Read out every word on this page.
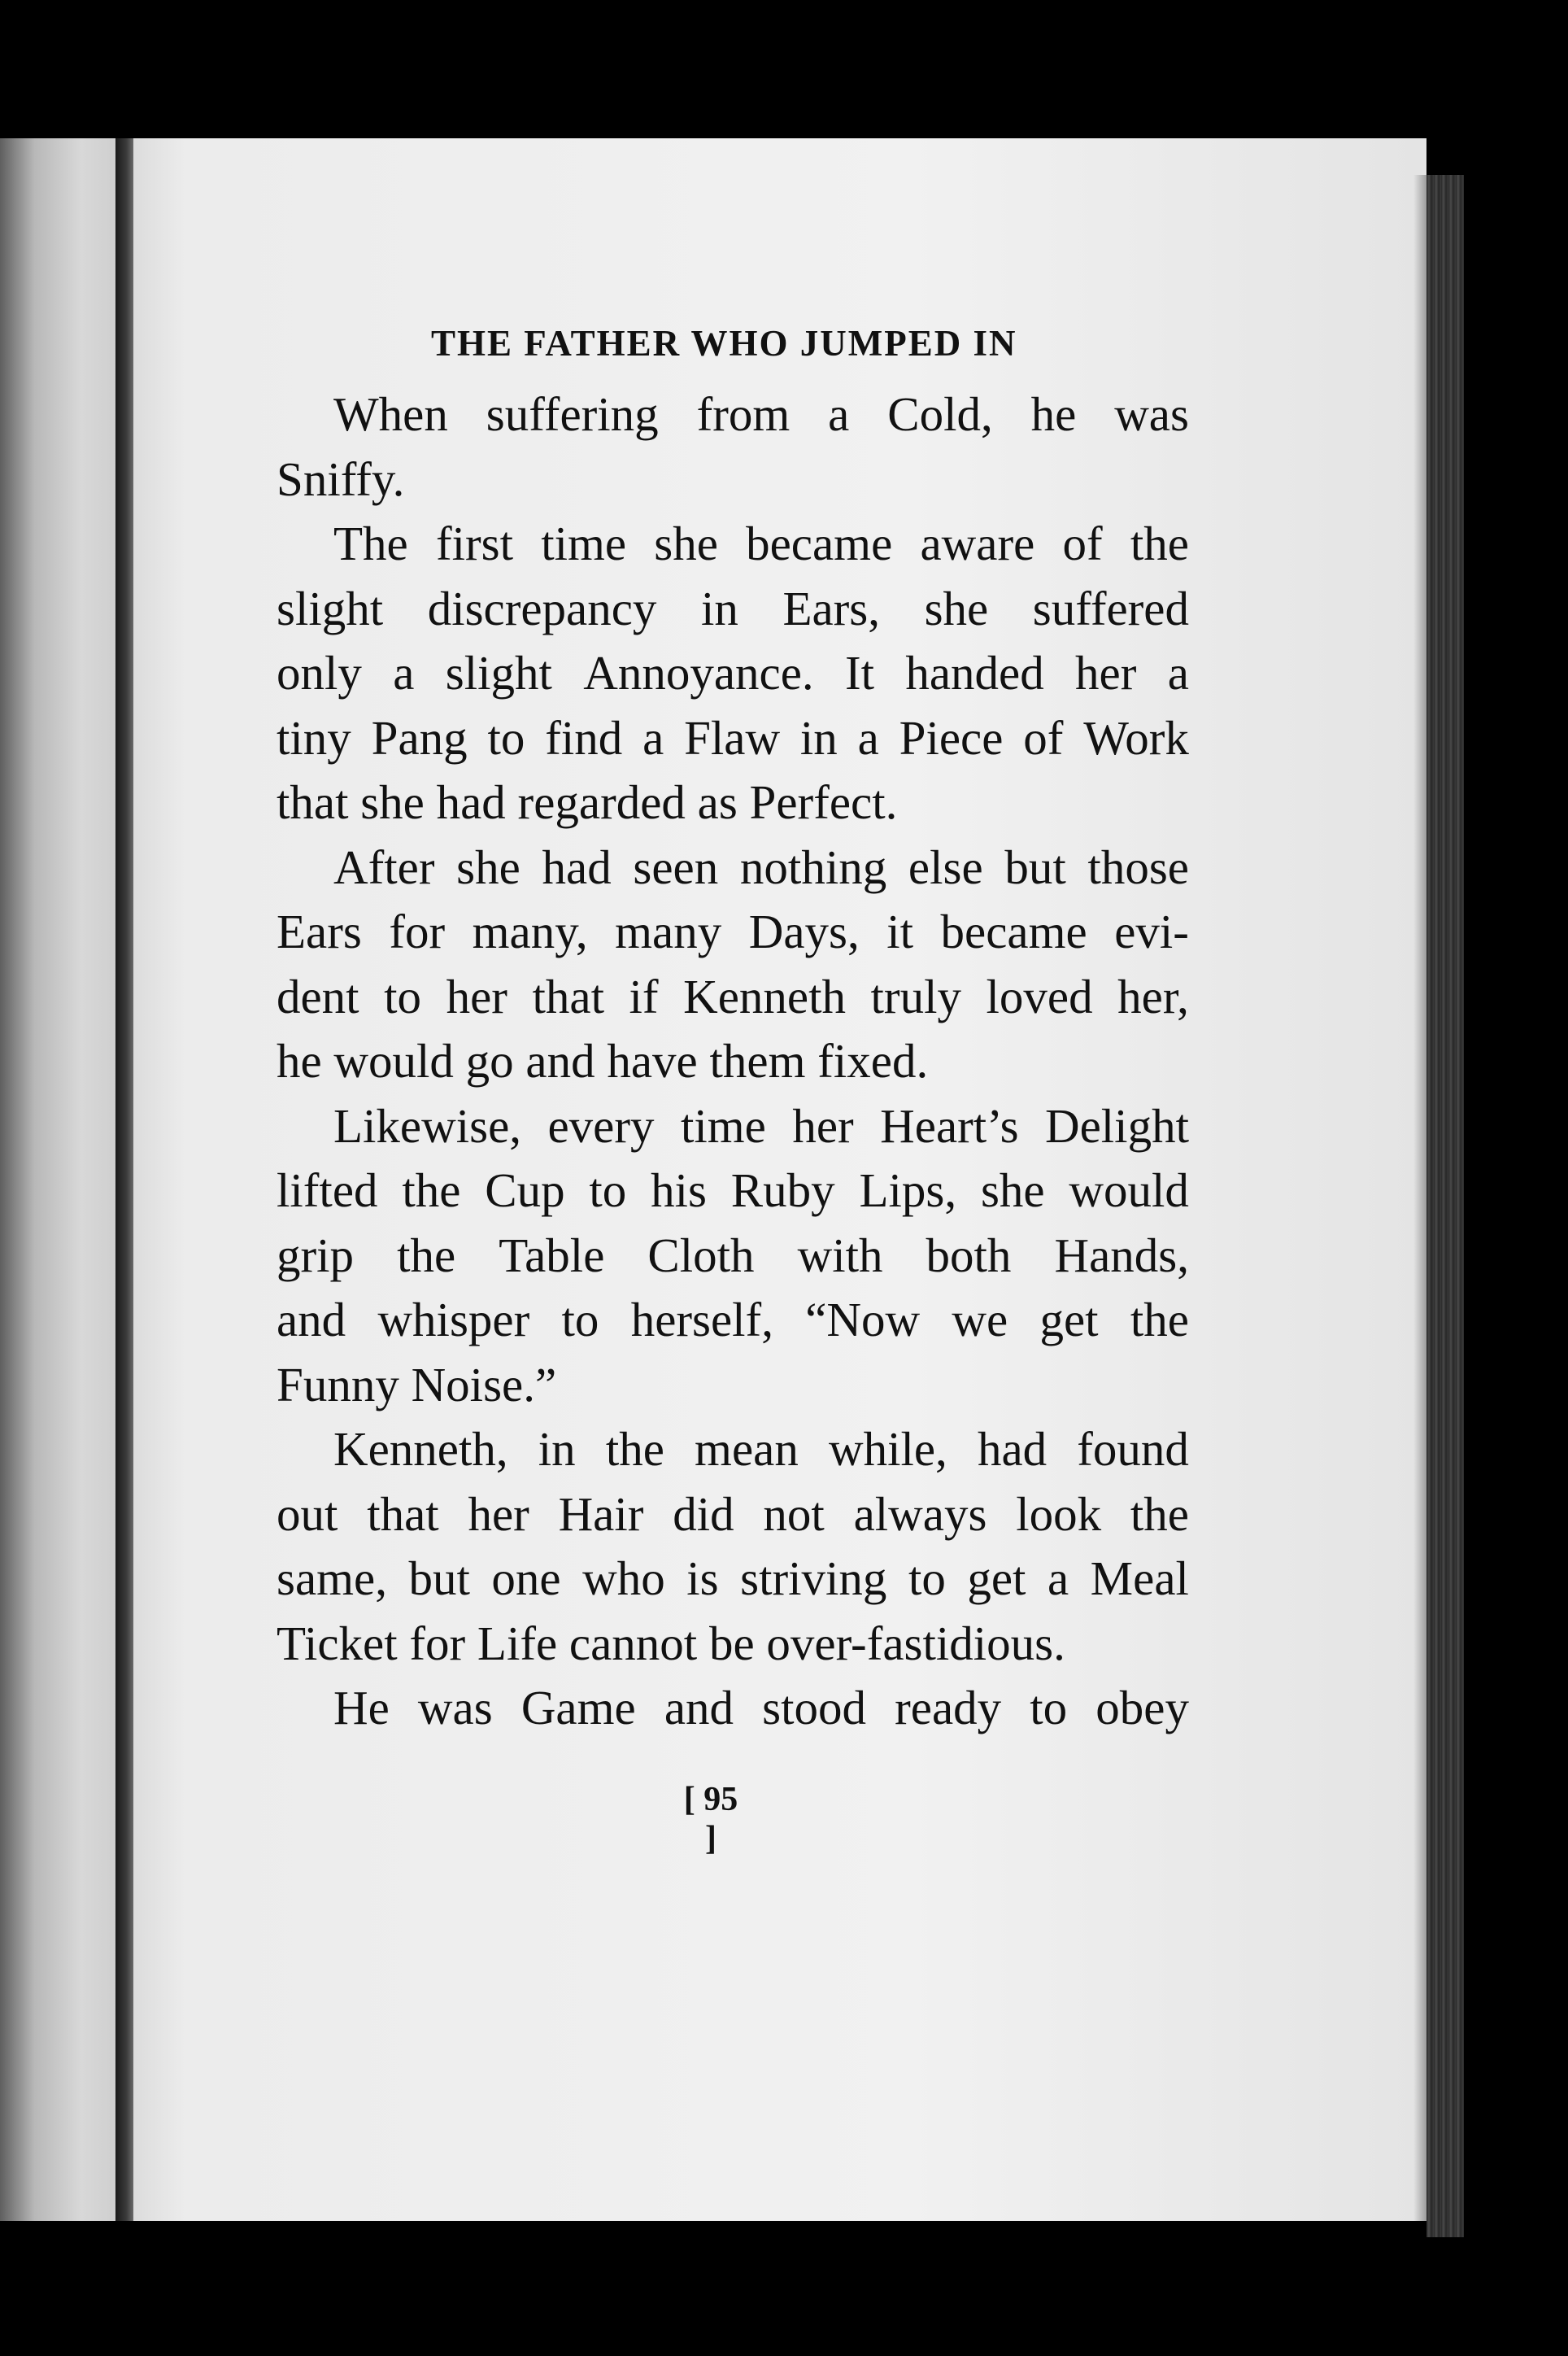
THE FATHER WHO JUMPED IN
When suffering from a Cold, he was
Sniffy.
The first time she became aware of the
slight discrepancy in Ears, she suffered
only a slight Annoyance. It handed her a
tiny Pang to find a Flaw in a Piece of Work
that she had regarded as Perfect.
After she had seen nothing else but those
Ears for many, many Days, it became evi-
dent to her that if Kenneth truly loved her,
he would go and have them fixed.
Likewise, every time her Heart’s Delight
lifted the Cup to his Ruby Lips, she would
grip the Table Cloth with both Hands,
and whisper to herself, “Now we get the
Funny Noise.”
Kenneth, in the mean while, had found
out that her Hair did not always look the
same, but one who is striving to get a Meal
Ticket for Life cannot be over-fastidious.
He was Game and stood ready to obey
[ 95 ]
